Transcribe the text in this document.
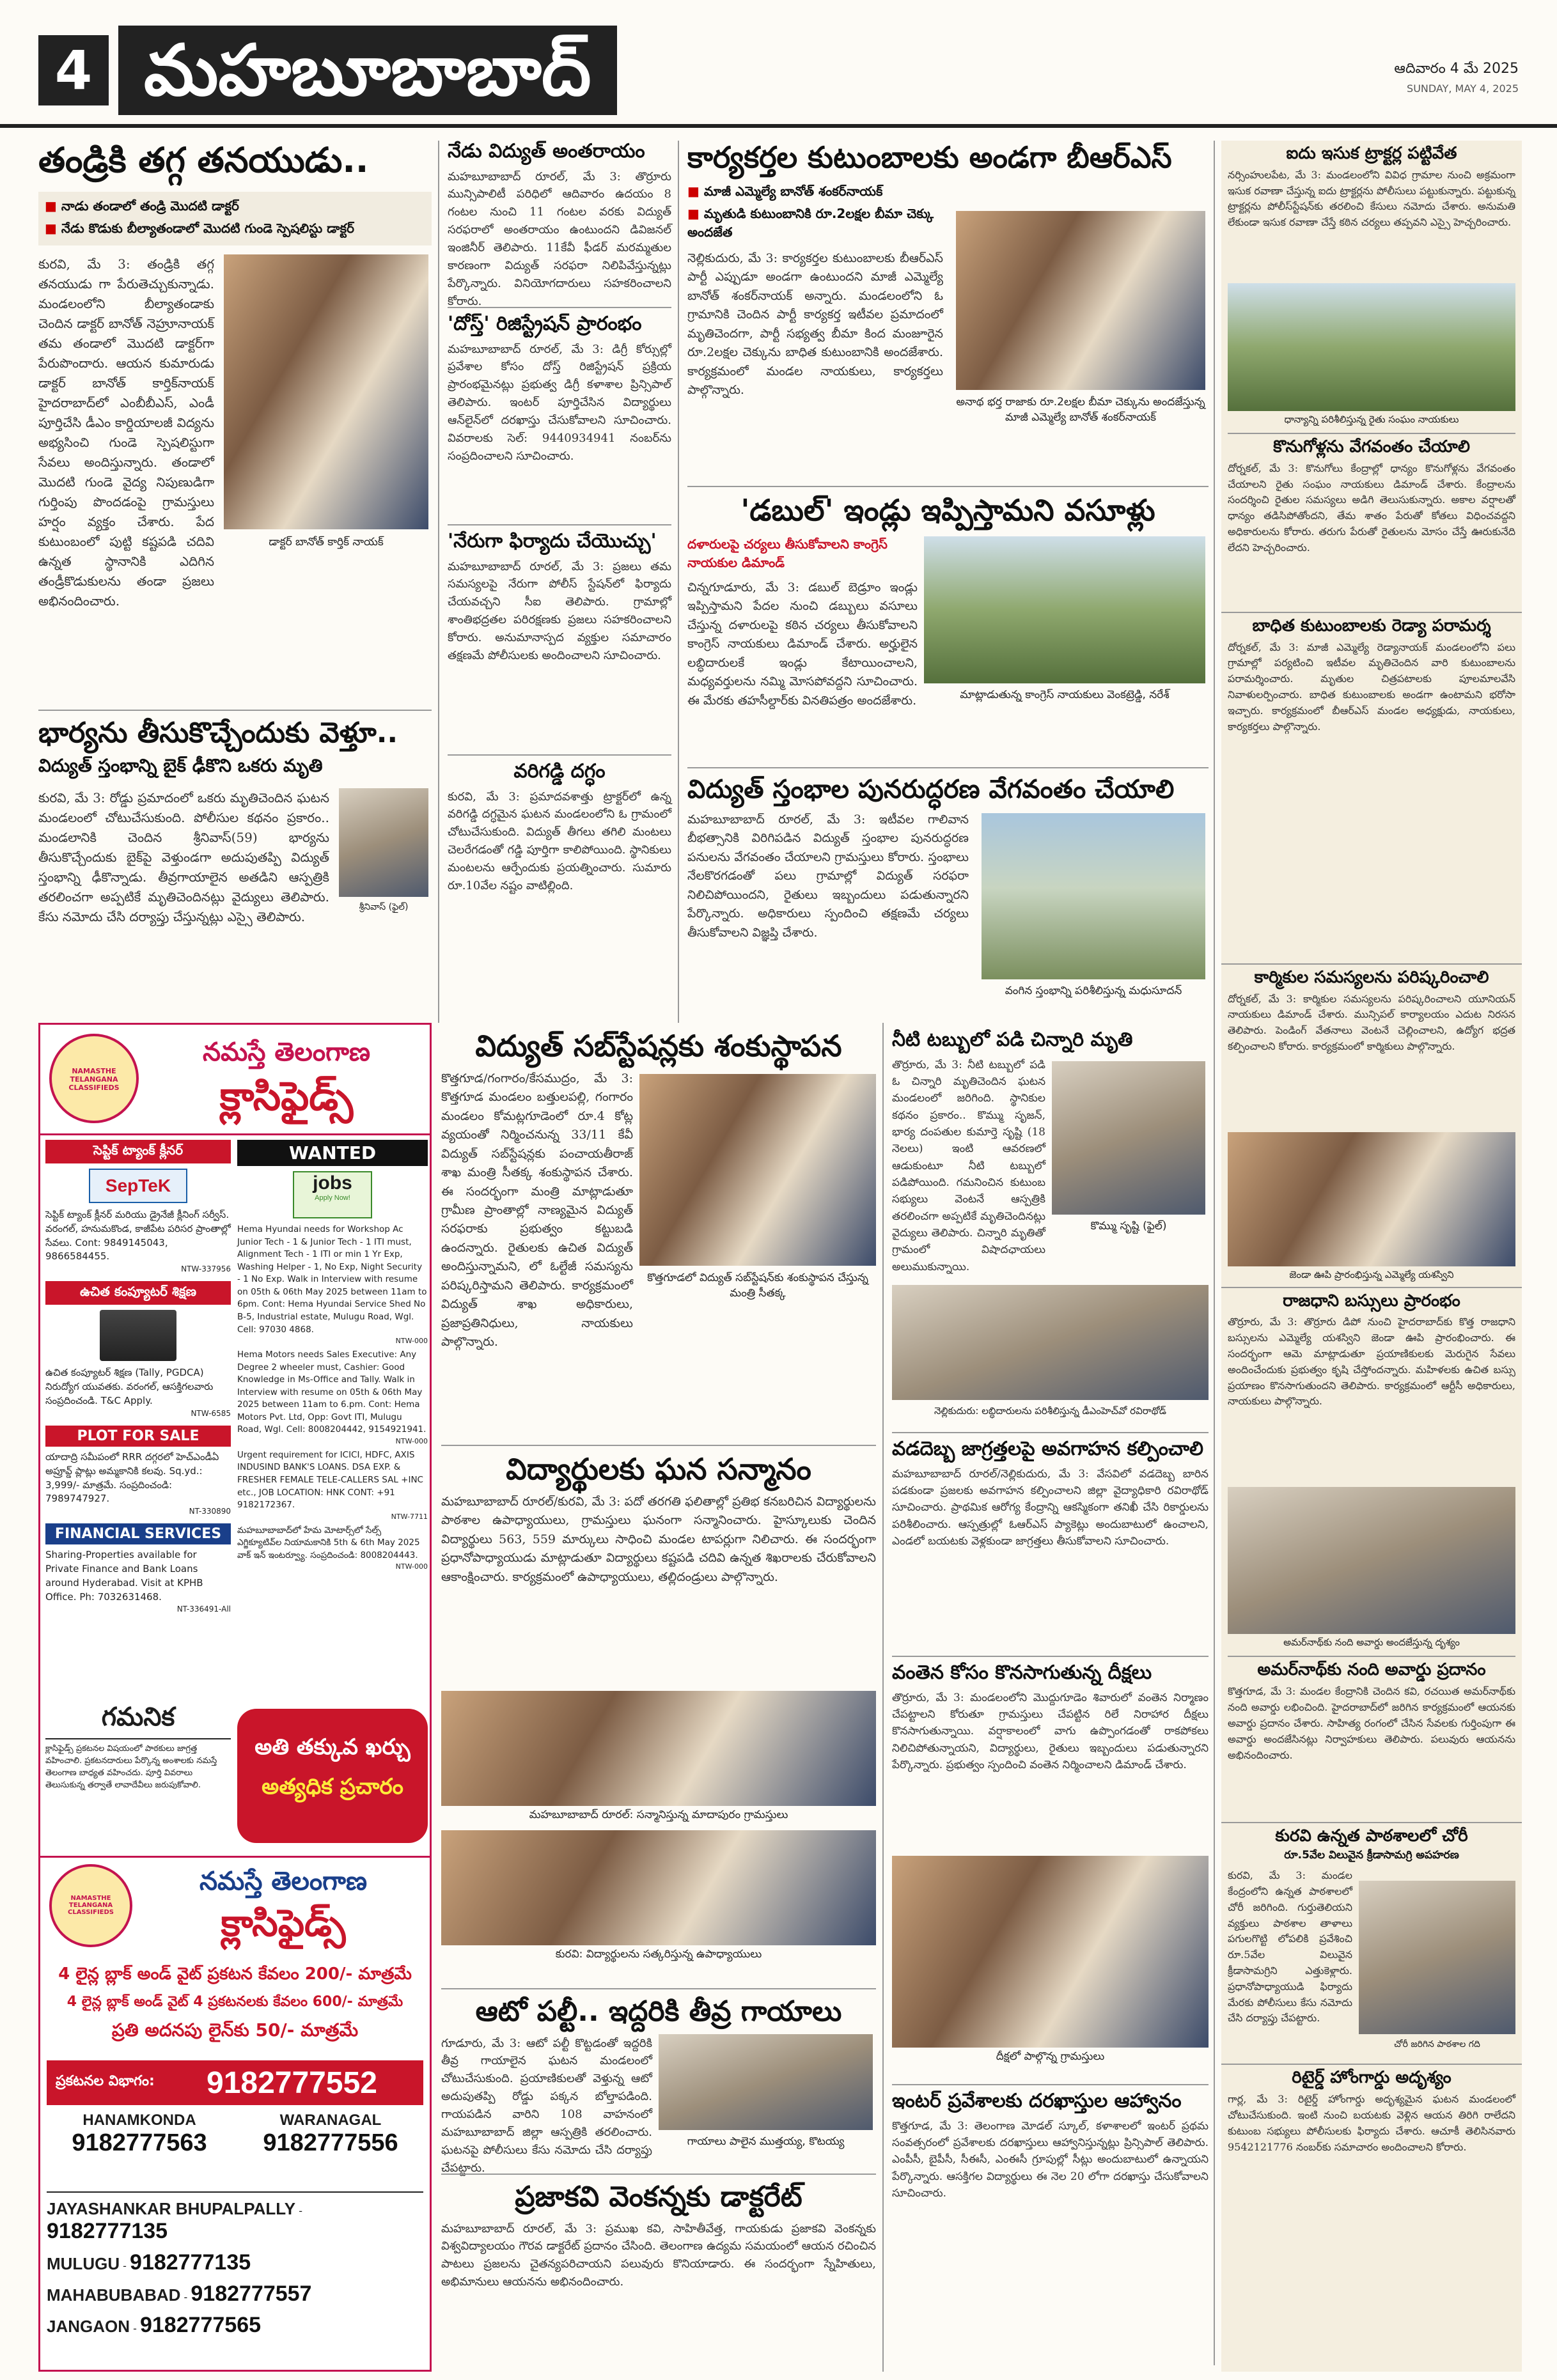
4 మహబూబాబాద్	ఆదివారం 4 మే 2025
SUNDAY, MAY 4, 2025
తండ్రికి తగ్గ తనయుడు..
■ నాడు తండాలో తండ్రి మొదటి డాక్టర్
■ నేడు కొడుకు బీల్యాతండాలో మొదటి గుండె స్పెషలిస్టు డాక్టర్
డాక్టర్ బానోత్ కార్తిక్ నాయక్
కురవి, మే 3: తండ్రికి తగ్గ తనయుడు గా పేరుతెచ్చుకున్నాడు. మండలంలోని బీల్యాతండాకు చెందిన డాక్టర్ బానోత్ నెహ్రూనాయక్ తమ తండాలో మొదటి డాక్టర్‌గా పేరుపొందారు. ఆయన కుమారుడు డాక్టర్ బానోత్ కార్తిక్‌నాయక్ హైదరాబాద్‌లో ఎంబీబీఎస్, ఎండీ పూర్తిచేసి డీఎం కార్డియాలజీ విద్యను అభ్యసించి గుండె స్పెషలిస్టుగా సేవలు అందిస్తున్నారు. తండాలో మొదటి గుండె వైద్య నిపుణుడిగా గుర్తింపు పొందడంపై గ్రామస్తులు హర్షం వ్యక్తం చేశారు. పేద కుటుంబంలో పుట్టి కష్టపడి చదివి ఉన్నత స్థానానికి ఎదిగిన తండ్రీకొడుకులను తండా ప్రజలు అభినందించారు.
భార్యను తీసుకొచ్చేందుకు వెళ్తూ..
విద్యుత్ స్తంభాన్ని బైక్ ఢీకొని ఒకరు మృతి
శ్రీనివాస్ (ఫైల్)
కురవి, మే 3: రోడ్డు ప్రమాదంలో ఒకరు మృతిచెందిన ఘటన మండలంలో చోటుచేసుకుంది. పోలీసుల కథనం ప్రకారం.. మండలానికి చెందిన శ్రీనివాస్(59) భార్యను తీసుకొచ్చేందుకు బైక్‌పై వెళ్తుండగా అదుపుతప్పి విద్యుత్ స్తంభాన్ని ఢీకొన్నాడు. తీవ్రగాయాలైన అతడిని ఆస్పత్రికి తరలించగా అప్పటికే మృతిచెందినట్లు వైద్యులు తెలిపారు. కేసు నమోదు చేసి దర్యాప్తు చేస్తున్నట్లు ఎస్సై తెలిపారు.
నేడు విద్యుత్ అంతరాయం
మహబూబాబాద్ రూరల్, మే 3: తొర్రూరు మున్సిపాలిటీ పరిధిలో ఆదివారం ఉదయం 8 గంటల నుంచి 11 గంటల వరకు విద్యుత్ సరఫరాలో అంతరాయం ఉంటుందని డివిజనల్ ఇంజినీర్ తెలిపారు. 11కేవీ ఫీడర్ మరమ్మతుల కారణంగా విద్యుత్ సరఫరా నిలిపివేస్తున్నట్లు పేర్కొన్నారు. వినియోగదారులు సహకరించాలని కోరారు.
'దోస్త్' రిజిస్ట్రేషన్ ప్రారంభం
మహబూబాబాద్ రూరల్, మే 3: డిగ్రీ కోర్సుల్లో ప్రవేశాల కోసం దోస్త్ రిజిస్ట్రేషన్ ప్రక్రియ ప్రారంభమైనట్లు ప్రభుత్వ డిగ్రీ కళాశాల ప్రిన్సిపాల్ తెలిపారు. ఇంటర్ పూర్తిచేసిన విద్యార్థులు ఆన్‌లైన్‌లో దరఖాస్తు చేసుకోవాలని సూచించారు. వివరాలకు సెల్: 9440934941 నంబర్‌ను సంప్రదించాలని సూచించారు.
'నేరుగా ఫిర్యాదు చేయొచ్చు'
మహబూబాబాద్ రూరల్, మే 3: ప్రజలు తమ సమస్యలపై నేరుగా పోలీస్ స్టేషన్‌లో ఫిర్యాదు చేయవచ్చని సీఐ తెలిపారు. గ్రామాల్లో శాంతిభద్రతల పరిరక్షణకు ప్రజలు సహకరించాలని కోరారు. అనుమానాస్పద వ్యక్తుల సమాచారం తక్షణమే పోలీసులకు అందించాలని సూచించారు.
వరిగడ్డి దగ్ధం
కురవి, మే 3: ప్రమాదవశాత్తు ట్రాక్టర్‌లో ఉన్న వరిగడ్డి దగ్ధమైన ఘటన మండలంలోని ఓ గ్రామంలో చోటుచేసుకుంది. విద్యుత్ తీగలు తగిలి మంటలు చెలరేగడంతో గడ్డి పూర్తిగా కాలిపోయింది. స్థానికులు మంటలను ఆర్పేందుకు ప్రయత్నించారు. సుమారు రూ.10వేల నష్టం వాటిల్లింది.
కార్యకర్తల కుటుంబాలకు అండగా బీఆర్ఎస్
■ మాజీ ఎమ్మెల్యే బానోత్ శంకర్‌నాయక్
■ మృతుడి కుటుంబానికి రూ.2లక్షల బీమా చెక్కు అందజేత
నెల్లికుదురు, మే 3: కార్యకర్తల కుటుంబాలకు బీఆర్ఎస్ పార్టీ ఎప్పుడూ అండగా ఉంటుందని మాజీ ఎమ్మెల్యే బానోత్ శంకర్‌నాయక్ అన్నారు. మండలంలోని ఓ గ్రామానికి చెందిన పార్టీ కార్యకర్త ఇటీవల ప్రమాదంలో మృతిచెందగా, పార్టీ సభ్యత్వ బీమా కింద మంజూరైన రూ.2లక్షల చెక్కును బాధిత కుటుంబానికి అందజేశారు. కార్యక్రమంలో మండల నాయకులు, కార్యకర్తలు పాల్గొన్నారు.
అనాథ భర్త రాజాకు రూ.2లక్షల బీమా చెక్కును అందజేస్తున్న మాజీ ఎమ్మెల్యే బానోత్ శంకర్‌నాయక్
'డబుల్' ఇండ్లు ఇప్పిస్తామని వసూళ్లు
దళారులపై చర్యలు తీసుకోవాలని కాంగ్రెస్ నాయకుల డిమాండ్
మాట్లాడుతున్న కాంగ్రెస్ నాయకులు వెంకట్రెడ్డి, నరేశ్
చిన్నగూడూరు, మే 3: డబుల్ బెడ్రూం ఇండ్లు ఇప్పిస్తామని పేదల నుంచి డబ్బులు వసూలు చేస్తున్న దళారులపై కఠిన చర్యలు తీసుకోవాలని కాంగ్రెస్ నాయకులు డిమాండ్ చేశారు. అర్హులైన లబ్ధిదారులకే ఇండ్లు కేటాయించాలని, మధ్యవర్తులను నమ్మి మోసపోవద్దని సూచించారు. ఈ మేరకు తహసీల్దార్‌కు వినతిపత్రం అందజేశారు.
విద్యుత్ స్తంభాల పునరుద్ధరణ వేగవంతం చేయాలి
మహబూబాబాద్ రూరల్, మే 3: ఇటీవల గాలివాన బీభత్సానికి విరిగిపడిన విద్యుత్ స్తంభాల పునరుద్ధరణ పనులను వేగవంతం చేయాలని గ్రామస్తులు కోరారు. స్తంభాలు నేలకొరగడంతో పలు గ్రామాల్లో విద్యుత్ సరఫరా నిలిచిపోయిందని, రైతులు ఇబ్బందులు పడుతున్నారని పేర్కొన్నారు. అధికారులు స్పందించి తక్షణమే చర్యలు తీసుకోవాలని విజ్ఞప్తి చేశారు.
వంగిన స్తంభాన్ని పరిశీలిస్తున్న మధుసూదన్
NAMASTHE TELANGANA CLASSIFIEDS
నమస్తే తెలంగాణ
క్లాసిఫైడ్స్
సెప్టిక్ ట్యాంక్ క్లీనర్
SepTeK
సెప్టిక్ ట్యాంక్ క్లీనర్ మరియు డ్రైనేజీ క్లీనింగ్ సర్వీస్. వరంగల్, హనుమకొండ, కాజీపేట పరిసర ప్రాంతాల్లో సేవలు. Cont: 9849145043, 9866584455.
NTW-337956
ఉచిత కంప్యూటర్ శిక్షణ
ఉచిత కంప్యూటర్ శిక్షణ (Tally, PGDCA) నిరుద్యోగ యువతకు. వరంగల్, ఆసక్తిగలవారు సంప్రదించండి. T&C Apply.
NTW-6585
PLOT FOR SALE
యాదాద్రి సమీపంలో RRR దగ్గరలో హెచ్ఎండీఏ అప్రూవ్డ్ ప్లాట్లు అమ్మకానికి కలవు. Sq.yd.: 3,999/- మాత్రమే. సంప్రదించండి: 7989747927.
NT-330890
FINANCIAL SERVICES
Sharing-Properties available for Private Finance and Bank Loans around Hyderabad. Visit at KPHB Office. Ph: 7032631468.
NT-336491-All
WANTED
jobs
Apply Now!
Hema Hyundai needs for Workshop Ac Junior Tech - 1 & Junior Tech - 1 ITI must, Alignment Tech - 1 ITI or min 1 Yr Exp, Washing Helper - 1, No Exp, Night Security - 1 No Exp. Walk in Interview with resume on 05th & 06th May 2025 between 11am to 6pm. Cont: Hema Hyundai Service Shed No B-5, Industrial estate, Mulugu Road, Wgl. Cell: 97030 4868.
NTW-000
Hema Motors needs Sales Executive: Any Degree 2 wheeler must, Cashier: Good Knowledge in Ms-Office and Tally. Walk in Interview with resume on 05th & 06th May 2025 between 11am to 6.pm. Cont: Hema Motors Pvt. Ltd, Opp: Govt ITI, Mulugu Road, Wgl. Cell: 8008204442, 9154921941.
NTW-000
Urgent requirement for ICICI, HDFC, AXIS INDUSIND BANK'S LOANS. DSA EXP. & FRESHER FEMALE TELE-CALLERS SAL +INC etc., JOB LOCATION: HNK CONT: +91 9182172367.
NTW-7711
మహబూబాబాద్‌లో హేమ మోటార్స్‌లో సేల్స్ ఎగ్జిక్యూటివ్‌ల నియామకానికి 5th & 6th May 2025 వాక్ ఇన్ ఇంటర్వ్యూ. సంప్రదించండి: 8008204443.
NTW-000
గమనిక
క్లాసిఫైడ్స్ ప్రకటనల విషయంలో పాఠకులు జాగ్రత్త వహించాలి. ప్రకటనదారులు పేర్కొన్న అంశాలకు నమస్తే తెలంగాణ బాధ్యత వహించదు. పూర్తి వివరాలు తెలుసుకున్న తర్వాతే లావాదేవీలు జరుపుకోవాలి.
అతి తక్కువ ఖర్చు
అత్యధిక ప్రచారం
NAMASTHE TELANGANA CLASSIFIEDS
నమస్తే తెలంగాణ
క్లాసిఫైడ్స్
4 లైన్ల బ్లాక్ అండ్ వైట్ ప్రకటన కేవలం 200/- మాత్రమే
4 లైన్ల బ్లాక్ అండ్ వైట్ 4 ప్రకటనలకు కేవలం 600/- మాత్రమే
ప్రతి అదనపు లైన్‌కు 50/- మాత్రమే
ప్రకటనల విభాగం: 9182777552
HANAMKONDA
9182777563
WARANAGAL
9182777556
JAYASHANKAR BHUPALPALLY - 9182777135
MULUGU - 9182777135
MAHABUBABAD - 9182777557
JANGAON - 9182777565
విద్యుత్ సబ్‌స్టేషన్లకు శంకుస్థాపన
కొత్తగూడ/గంగారం/కేసముద్రం, మే 3: కొత్తగూడ మండలం బత్తులపల్లి, గంగారం మండలం కోమట్లగూడెంలో రూ.4 కోట్ల వ్యయంతో నిర్మించనున్న 33/11 కేవీ విద్యుత్ సబ్‌స్టేషన్లకు పంచాయతీరాజ్ శాఖ మంత్రి సీతక్క శంకుస్థాపన చేశారు. ఈ సందర్భంగా మంత్రి మాట్లాడుతూ గ్రామీణ ప్రాంతాల్లో నాణ్యమైన విద్యుత్ సరఫరాకు ప్రభుత్వం కట్టుబడి ఉందన్నారు. రైతులకు ఉచిత విద్యుత్ అందిస్తున్నామని, లో ఓల్టేజీ సమస్యను పరిష్కరిస్తామని తెలిపారు. కార్యక్రమంలో విద్యుత్ శాఖ అధికారులు, ప్రజాప్రతినిధులు, నాయకులు పాల్గొన్నారు.
కొత్తగూడలో విద్యుత్ సబ్‌స్టేషన్‌కు శంకుస్థాపన చేస్తున్న మంత్రి సీతక్క
విద్యార్థులకు ఘన సన్మానం
మహబూబాబాద్ రూరల్/కురవి, మే 3: పదో తరగతి ఫలితాల్లో ప్రతిభ కనబరిచిన విద్యార్థులను పాఠశాల ఉపాధ్యాయులు, గ్రామస్తులు ఘనంగా సన్మానించారు. హైస్కూలుకు చెందిన విద్యార్థులు 563, 559 మార్కులు సాధించి మండల టాపర్లుగా నిలిచారు. ఈ సందర్భంగా ప్రధానోపాధ్యాయుడు మాట్లాడుతూ విద్యార్థులు కష్టపడి చదివి ఉన్నత శిఖరాలకు చేరుకోవాలని ఆకాంక్షించారు. కార్యక్రమంలో ఉపాధ్యాయులు, తల్లిదండ్రులు పాల్గొన్నారు.
మహబూబాబాద్ రూరల్: సన్మానిస్తున్న మాదాపురం గ్రామస్తులు
కురవి: విద్యార్థులను సత్కరిస్తున్న ఉపాధ్యాయులు
ఆటో పల్టీ.. ఇద్దరికి తీవ్ర గాయాలు
గూడూరు, మే 3: ఆటో పల్టీ కొట్టడంతో ఇద్దరికి తీవ్ర గాయాలైన ఘటన మండలంలో చోటుచేసుకుంది. ప్రయాణికులతో వెళ్తున్న ఆటో అదుపుతప్పి రోడ్డు పక్కన బోల్తాపడింది. గాయపడిన వారిని 108 వాహనంలో మహబూబాబాద్ జిల్లా ఆస్పత్రికి తరలించారు. ఘటనపై పోలీసులు కేసు నమోదు చేసి దర్యాప్తు చేపట్టారు.
గాయాలు పాలైన ముత్తయ్య, కొటయ్య
ప్రజాకవి వెంకన్నకు డాక్టరేట్
మహబూబాబాద్ రూరల్, మే 3: ప్రముఖ కవి, సాహితీవేత్త, గాయకుడు ప్రజాకవి వెంకన్నకు విశ్వవిద్యాలయం గౌరవ డాక్టరేట్ ప్రదానం చేసింది. తెలంగాణ ఉద్యమ సమయంలో ఆయన రచించిన పాటలు ప్రజలను చైతన్యపరిచాయని పలువురు కొనియాడారు. ఈ సందర్భంగా స్నేహితులు, అభిమానులు ఆయనను అభినందించారు.
నీటి టబ్బులో పడి చిన్నారి మృతి
తొర్రూరు, మే 3: నీటి టబ్బులో పడి ఓ చిన్నారి మృతిచెందిన ఘటన మండలంలో జరిగింది. స్థానికుల కథనం ప్రకారం.. కొమ్ము సృజన్, భార్య దంపతుల కుమార్తె సృష్టి (18 నెలలు) ఇంటి ఆవరణలో ఆడుకుంటూ నీటి టబ్బులో పడిపోయింది. గమనించిన కుటుంబ సభ్యులు వెంటనే ఆస్పత్రికి తరలించగా అప్పటికే మృతిచెందినట్లు వైద్యులు తెలిపారు. చిన్నారి మృతితో గ్రామంలో విషాదఛాయలు అలుముకున్నాయి.
కొమ్ము సృష్టి (ఫైల్)
నెల్లికుదురు: లబ్ధిదారులను పరిశీలిస్తున్న డీఎంహెచ్‌వో రవిరాథోడ్
వడదెబ్బ జాగ్రత్తలపై అవగాహన కల్పించాలి
మహబూబాబాద్ రూరల్/నెల్లికుదురు, మే 3: వేసవిలో వడదెబ్బ బారిన పడకుండా ప్రజలకు అవగాహన కల్పించాలని జిల్లా వైద్యాధికారి రవిరాథోడ్ సూచించారు. ప్రాథమిక ఆరోగ్య కేంద్రాన్ని ఆకస్మికంగా తనిఖీ చేసి రికార్డులను పరిశీలించారు. ఆస్పత్రుల్లో ఓఆర్ఎస్ ప్యాకెట్లు అందుబాటులో ఉంచాలని, ఎండలో బయటకు వెళ్లకుండా జాగ్రత్తలు తీసుకోవాలని సూచించారు.
వంతెన కోసం కొనసాగుతున్న దీక్షలు
తొర్రూరు, మే 3: మండలంలోని మొద్దుగూడెం శివారులో వంతెన నిర్మాణం చేపట్టాలని కోరుతూ గ్రామస్తులు చేపట్టిన రిలే నిరాహార దీక్షలు కొనసాగుతున్నాయి. వర్షాకాలంలో వాగు ఉప్పొంగడంతో రాకపోకలు నిలిచిపోతున్నాయని, విద్యార్థులు, రైతులు ఇబ్బందులు పడుతున్నారని పేర్కొన్నారు. ప్రభుత్వం స్పందించి వంతెన నిర్మించాలని డిమాండ్ చేశారు.
దీక్షలో పాల్గొన్న గ్రామస్తులు
ఇంటర్ ప్రవేశాలకు దరఖాస్తుల ఆహ్వానం
కొత్తగూడ, మే 3: తెలంగాణ మోడల్ స్కూల్, కళాశాలలో ఇంటర్ ప్రథమ సంవత్సరంలో ప్రవేశాలకు దరఖాస్తులు ఆహ్వానిస్తున్నట్లు ప్రిన్సిపాల్ తెలిపారు. ఎంపీసీ, బైపీసీ, సీఈసీ, ఎంఈసీ గ్రూపుల్లో సీట్లు అందుబాటులో ఉన్నాయని పేర్కొన్నారు. ఆసక్తిగల విద్యార్థులు ఈ నెల 20 లోగా దరఖాస్తు చేసుకోవాలని సూచించారు.
ఐదు ఇసుక ట్రాక్టర్ల పట్టివేత
నర్సింహులపేట, మే 3: మండలంలోని వివిధ గ్రామాల నుంచి అక్రమంగా ఇసుక రవాణా చేస్తున్న ఐదు ట్రాక్టర్లను పోలీసులు పట్టుకున్నారు. పట్టుకున్న ట్రాక్టర్లను పోలీస్‌స్టేషన్‌కు తరలించి కేసులు నమోదు చేశారు. అనుమతి లేకుండా ఇసుక రవాణా చేస్తే కఠిన చర్యలు తప్పవని ఎస్సై హెచ్చరించారు.
ధాన్యాన్ని పరిశీలిస్తున్న రైతు సంఘం నాయకులు
కొనుగోళ్లను వేగవంతం చేయాలి
దోర్నకల్, మే 3: కొనుగోలు కేంద్రాల్లో ధాన్యం కొనుగోళ్లను వేగవంతం చేయాలని రైతు సంఘం నాయకులు డిమాండ్ చేశారు. కేంద్రాలను సందర్శించి రైతుల సమస్యలు అడిగి తెలుసుకున్నారు. అకాల వర్షాలతో ధాన్యం తడిసిపోతోందని, తేమ శాతం పేరుతో కోతలు విధించవద్దని అధికారులను కోరారు. తరుగు పేరుతో రైతులను మోసం చేస్తే ఊరుకునేది లేదని హెచ్చరించారు.
బాధిత కుటుంబాలకు రెడ్యా పరామర్శ
దోర్నకల్, మే 3: మాజీ ఎమ్మెల్యే రెడ్యానాయక్ మండలంలోని పలు గ్రామాల్లో పర్యటించి ఇటీవల మృతిచెందిన వారి కుటుంబాలను పరామర్శించారు. మృతుల చిత్రపటాలకు పూలమాలవేసి నివాళులర్పించారు. బాధిత కుటుంబాలకు అండగా ఉంటామని భరోసా ఇచ్చారు. కార్యక్రమంలో బీఆర్ఎస్ మండల అధ్యక్షుడు, నాయకులు, కార్యకర్తలు పాల్గొన్నారు.
కార్మికుల సమస్యలను పరిష్కరించాలి
దోర్నకల్, మే 3: కార్మికుల సమస్యలను పరిష్కరించాలని యూనియన్ నాయకులు డిమాండ్ చేశారు. మున్సిపల్ కార్యాలయం ఎదుట నిరసన తెలిపారు. పెండింగ్ వేతనాలు వెంటనే చెల్లించాలని, ఉద్యోగ భద్రత కల్పించాలని కోరారు. కార్యక్రమంలో కార్మికులు పాల్గొన్నారు.
జెండా ఊపి ప్రారంభిస్తున్న ఎమ్మెల్యే యశస్విని
రాజధాని బస్సులు ప్రారంభం
తొర్రూరు, మే 3: తొర్రూరు డిపో నుంచి హైదరాబాద్‌కు కొత్త రాజధాని బస్సులను ఎమ్మెల్యే యశస్విని జెండా ఊపి ప్రారంభించారు. ఈ సందర్భంగా ఆమె మాట్లాడుతూ ప్రయాణికులకు మెరుగైన సేవలు అందించేందుకు ప్రభుత్వం కృషి చేస్తోందన్నారు. మహిళలకు ఉచిత బస్సు ప్రయాణం కొనసాగుతుందని తెలిపారు. కార్యక్రమంలో ఆర్టీసీ అధికారులు, నాయకులు పాల్గొన్నారు.
అమర్‌నాథ్‌కు నంది అవార్డు అందజేస్తున్న దృశ్యం
అమర్‌నాథ్‌కు నంది అవార్డు ప్రదానం
కొత్తగూడ, మే 3: మండల కేంద్రానికి చెందిన కవి, రచయిత అమర్‌నాథ్‌కు నంది అవార్డు లభించింది. హైదరాబాద్‌లో జరిగిన కార్యక్రమంలో ఆయనకు అవార్డు ప్రదానం చేశారు. సాహిత్య రంగంలో చేసిన సేవలకు గుర్తింపుగా ఈ అవార్డు అందజేసినట్లు నిర్వాహకులు తెలిపారు. పలువురు ఆయనను అభినందించారు.
కురవి ఉన్నత పాఠశాలలో చోరీ
రూ.5వేల విలువైన క్రీడాసామగ్రి అపహరణ
కురవి, మే 3: మండల కేంద్రంలోని ఉన్నత పాఠశాలలో చోరీ జరిగింది. గుర్తుతెలియని వ్యక్తులు పాఠశాల తాళాలు పగులగొట్టి లోపలికి ప్రవేశించి రూ.5వేల విలువైన క్రీడాసామగ్రిని ఎత్తుకెళ్లారు. ప్రధానోపాధ్యాయుడి ఫిర్యాదు మేరకు పోలీసులు కేసు నమోదు చేసి దర్యాప్తు చేపట్టారు.
చోరీ జరిగిన పాఠశాల గది
రిటైర్డ్ హోంగార్డు అదృశ్యం
గార్ల, మే 3: రిటైర్డ్ హోంగార్డు అదృశ్యమైన ఘటన మండలంలో చోటుచేసుకుంది. ఇంటి నుంచి బయటకు వెళ్లిన ఆయన తిరిగి రాలేదని కుటుంబ సభ్యులు పోలీసులకు ఫిర్యాదు చేశారు. ఆచూకీ తెలిసినవారు 9542121776 నంబర్‌కు సమాచారం అందించాలని కోరారు.
